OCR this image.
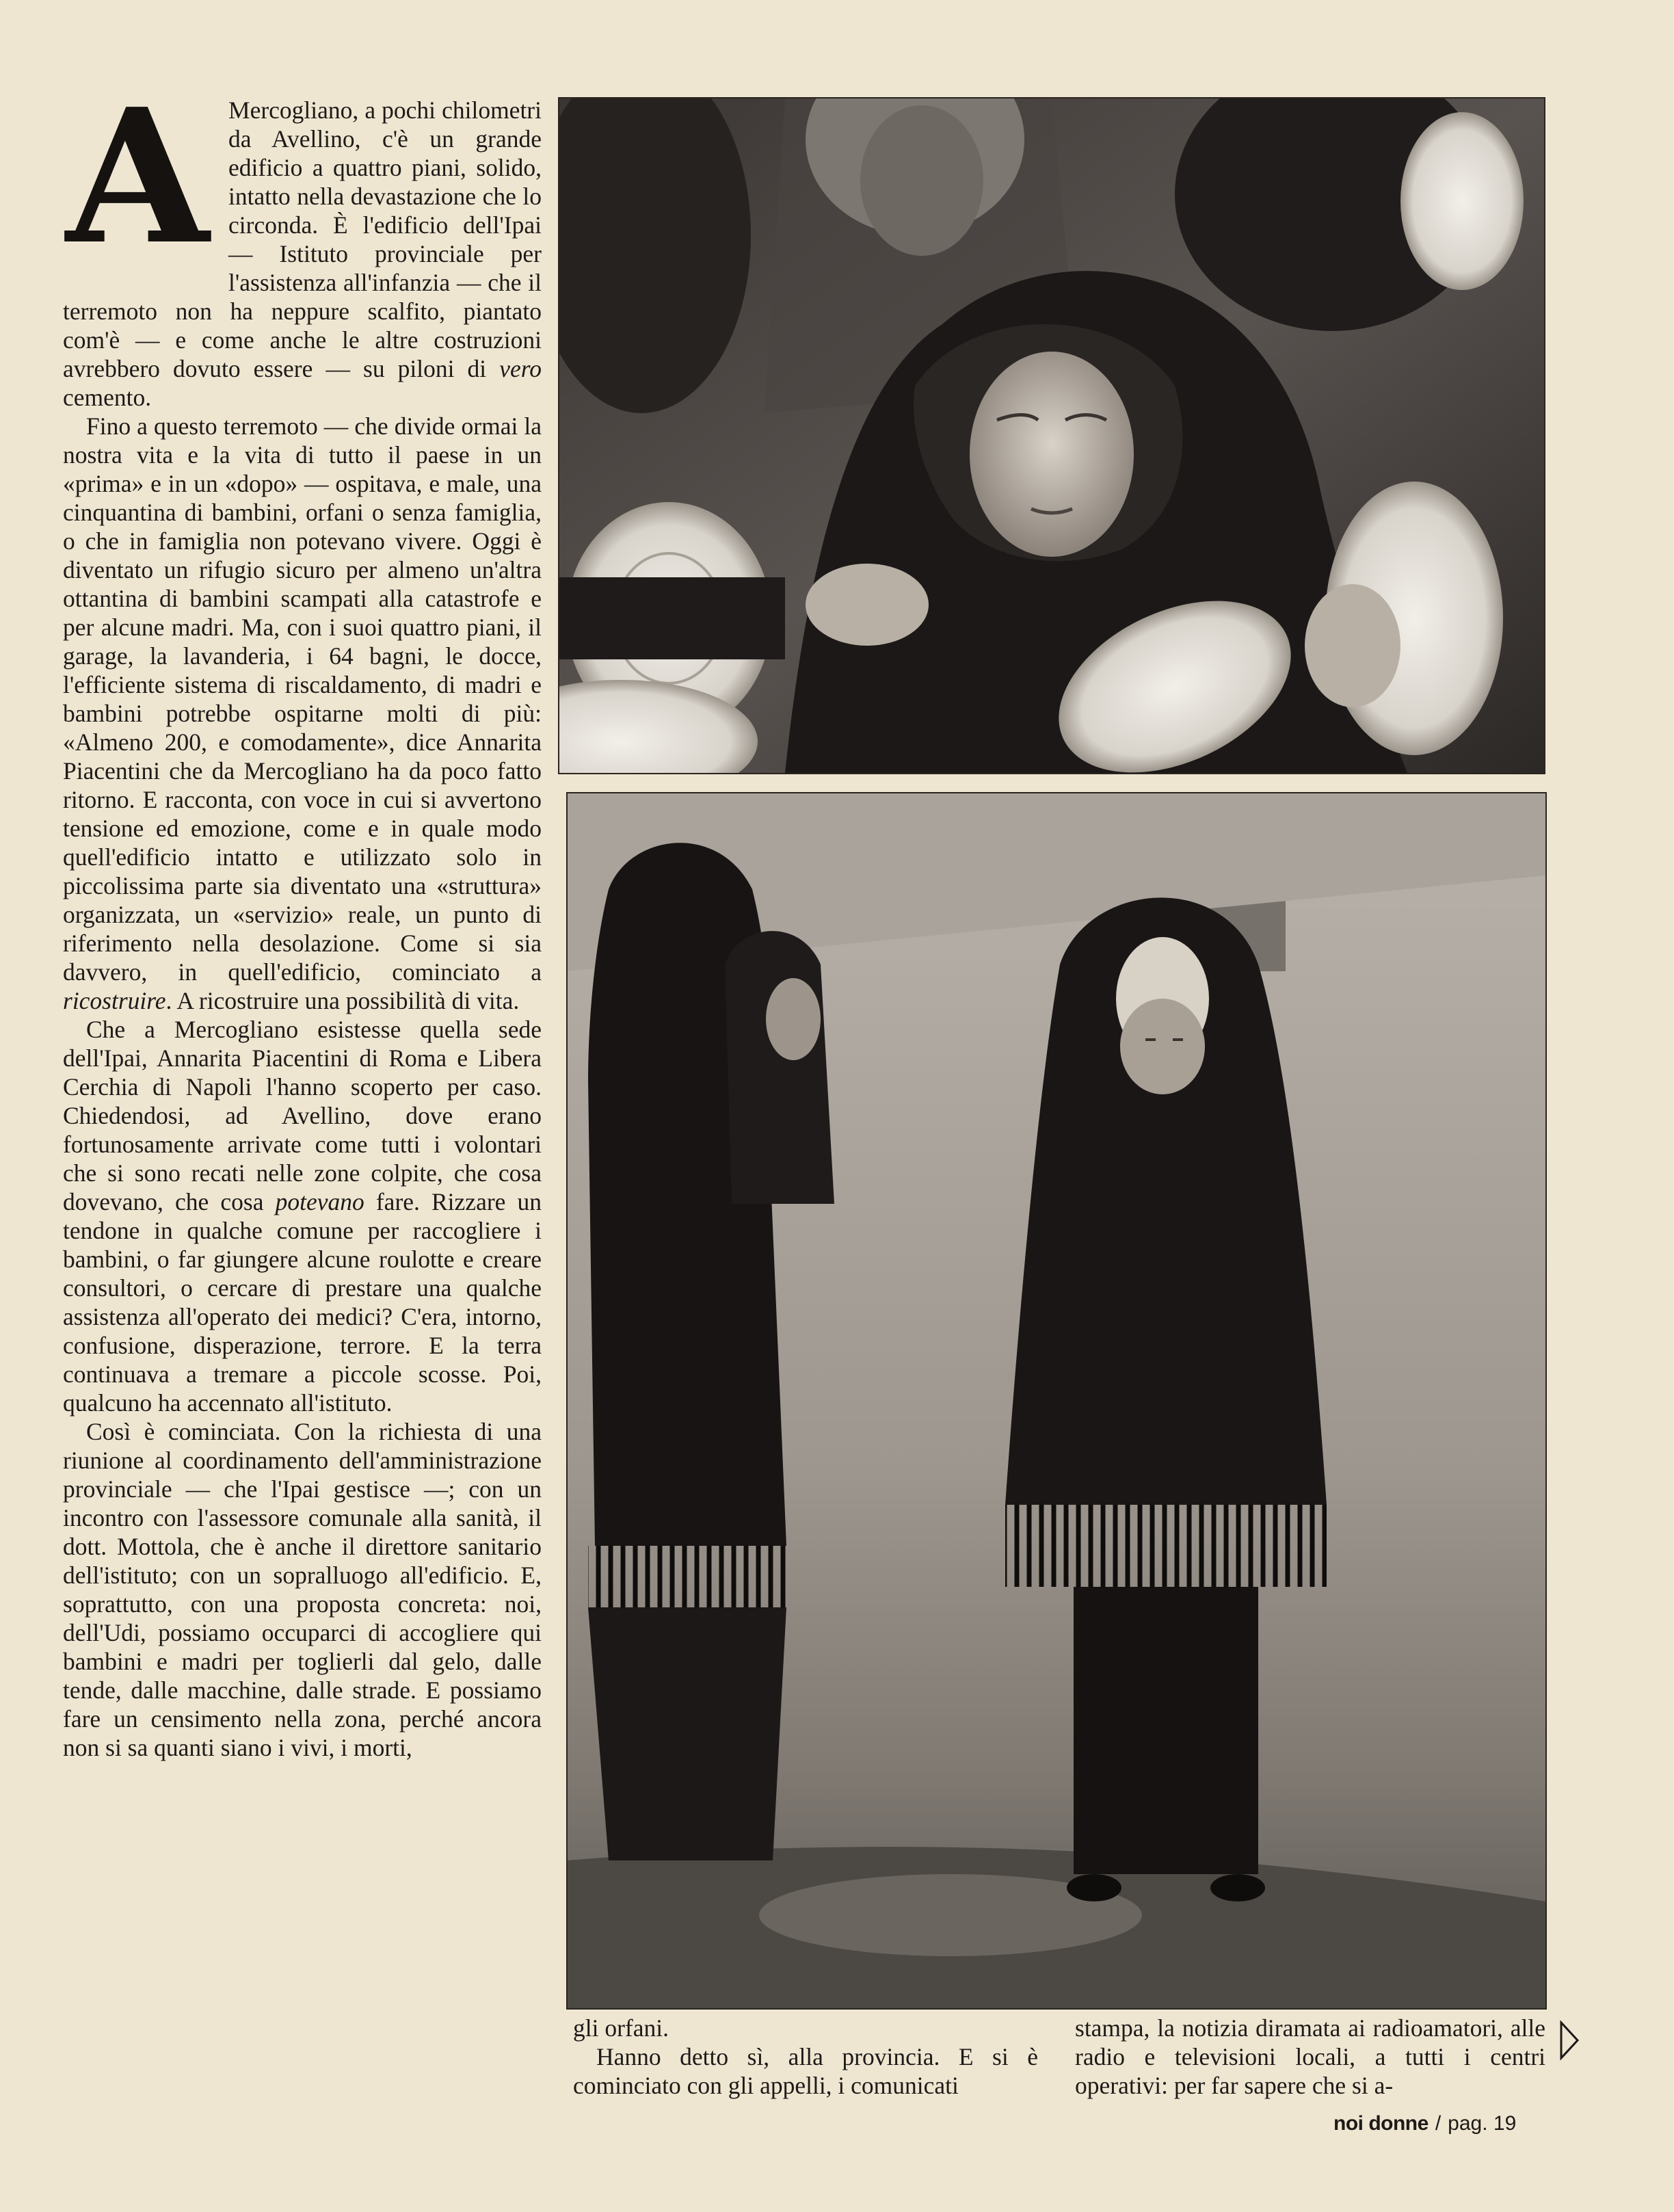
A Mercogliano, a pochi chilometri da Avellino, c'è un grande edificio a quattro piani, solido, intatto nella devastazione che lo circonda. È l'edificio dell'Ipai — Istituto provinciale per l'assistenza all'infanzia — che il terremoto non ha neppure scalfito, piantato com'è — e come anche le altre costruzioni avrebbero dovuto essere — su piloni di vero cemento.

Fino a questo terremoto — che divide ormai la nostra vita e la vita di tutto il paese in un «prima» e in un «dopo» — ospitava, e male, una cinquantina di bambini, orfani o senza famiglia, o che in famiglia non potevano vivere. Oggi è diventato un rifugio sicuro per almeno un'altra ottantina di bambini scampati alla catastrofe e per alcune madri. Ma, con i suoi quattro piani, il garage, la lavanderia, i 64 bagni, le docce, l'efficiente sistema di riscaldamento, di madri e bambini potrebbe ospitarne molti di più: «Almeno 200, e comodamente», dice Annarita Piacentini che da Mercogliano ha da poco fatto ritorno. E racconta, con voce in cui si avvertono tensione ed emozione, come e in quale modo quell'edificio intatto e utilizzato solo in piccolissima parte sia diventato una «struttura» organizzata, un «servizio» reale, un punto di riferimento nella desolazione. Come si sia davvero, in quell'edificio, cominciato a ricostruire. A ricostruire una possibilità di vita.

Che a Mercogliano esistesse quella sede dell'Ipai, Annarita Piacentini di Roma e Libera Cerchia di Napoli l'hanno scoperto per caso. Chiedendosi, ad Avellino, dove erano fortunosamente arrivate come tutti i volontari che si sono recati nelle zone colpite, che cosa dovevano, che cosa potevano fare. Rizzare un tendone in qualche comune per raccogliere i bambini, o far giungere alcune roulotte e creare consultori, o cercare di prestare una qualche assistenza all'operato dei medici? C'era, intorno, confusione, disperazione, terrore. E la terra continuava a tremare a piccole scosse. Poi, qualcuno ha accennato all'istituto.

Così è cominciata. Con la richiesta di una riunione al coordinamento dell'amministrazione provinciale — che l'Ipai gestisce —; con un incontro con l'assessore comunale alla sanità, il dott. Mottola, che è anche il direttore sanitario dell'istituto; con un sopralluogo all'edificio. E, soprattutto, con una proposta concreta: noi, dell'Udi, possiamo occuparci di accogliere qui bambini e madri per toglierli dal gelo, dalle tende, dalle macchine, dalle strade. E possiamo fare un censimento nella zona, perché ancora non si sa quanti siano i vivi, i morti,

gli orfani.

Hanno detto sì, alla provincia. E si è cominciato con gli appelli, i comunicati

stampa, la notizia diramata ai radioamatori, alle radio e televisioni locali, a tutti i centri operativi: per far sapere che si a-

noi donne / pag. 19
